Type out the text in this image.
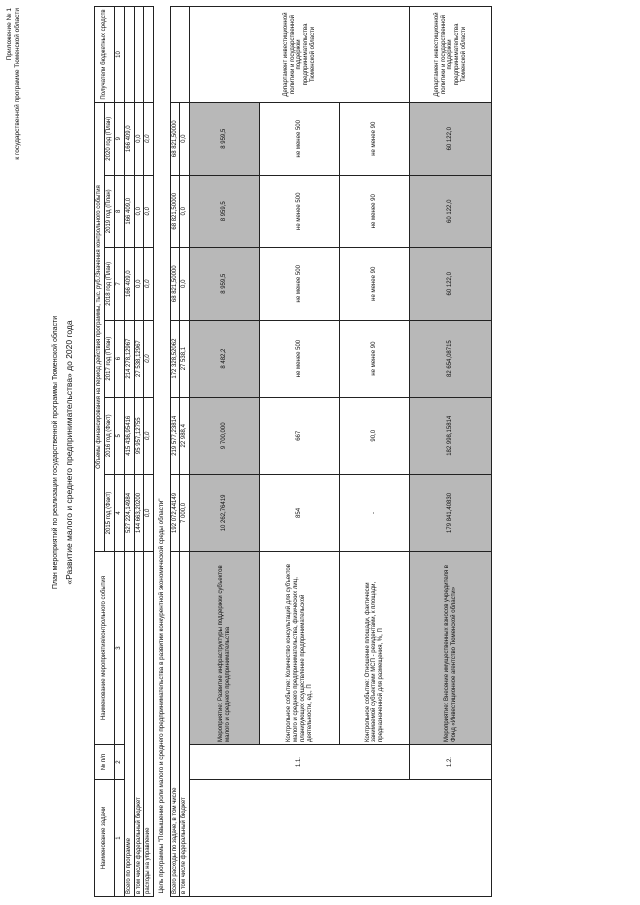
Приложение № 1 к государственной программе Тюменской области
План мероприятий по реализации государственной программы Тюменской области «Развитие малого и среднего предпринимательства» до 2020 года
Наименование задачи	№ п/п	Наименование мероприятия/контрольного события	Объемы финансирования на период действия программы, тыс. руб./Значения контрольного события						Получатели бюджетных средств
			2015 год (Факт)	2016 год (Факт)	2017 год (План)	2018 год (План)	2019 год (План)	2020 год (План)	
1	2	3	4	5	6	7	8	9	10
Всего по программе			527 224,14984	415 436,95416	214 278,12967	166 409,0	166 409,0	166 409,0	
в том числе федеральный бюджет			144 663,20200	95 957,12755	27 538,12967	0,0	0,0	0,0	
расходы на управление			0,0	0,0	0,0	0,0	0,0	0,0	
Цель программы "Повышение роли малого и среднего предпринимательства в развитии конкурентной экономической среды области"									
Всего расходы по задаче, в том числе			192 072,44149	219 577,23814	172 328,52062	68 821,50000	68 821,50000	68 821,50000	
в том числе федеральный бюджет			7 000,0	22 988,4	27 538,1	0,0	0,0	0,0	
	1.1.	Мероприятие: Развитие инфраструктуры поддержки субъектов малого и среднего предпринимательства	10 262,76419	9 700,000	8 482,2	8 959,5	8 959,5	8 959,5	Департамент инвестиционной политики и государственной поддержки предпринимательства Тюменской области
		Контрольное событие: Количество консультаций для субъектов малого и среднего предпринимательства, физических лиц, планирующих осуществление предпринимательской деятельности, ед., П	854	667	не менее 500	не менее 500	не менее 500	не менее 500	
		Контрольное событие: Отношение площади, фактически занимаемой субъектами МСП - резидентами, к площади, предназначенной для размещения, %, П	-	90,0	не менее 90	не менее 90	не менее 90	не менее 90	
	1.2.	Мероприятие: Внесение имущественных взносов учредителя в Фонд «Инвестиционное агентство Тюменской области»	179 841,40830	182 998,15814	82 654,08715	60 122,0	60 122,0	60 122,0	Департамент инвестиционной политики и государственной поддержки предпринимательства Тюменской области
